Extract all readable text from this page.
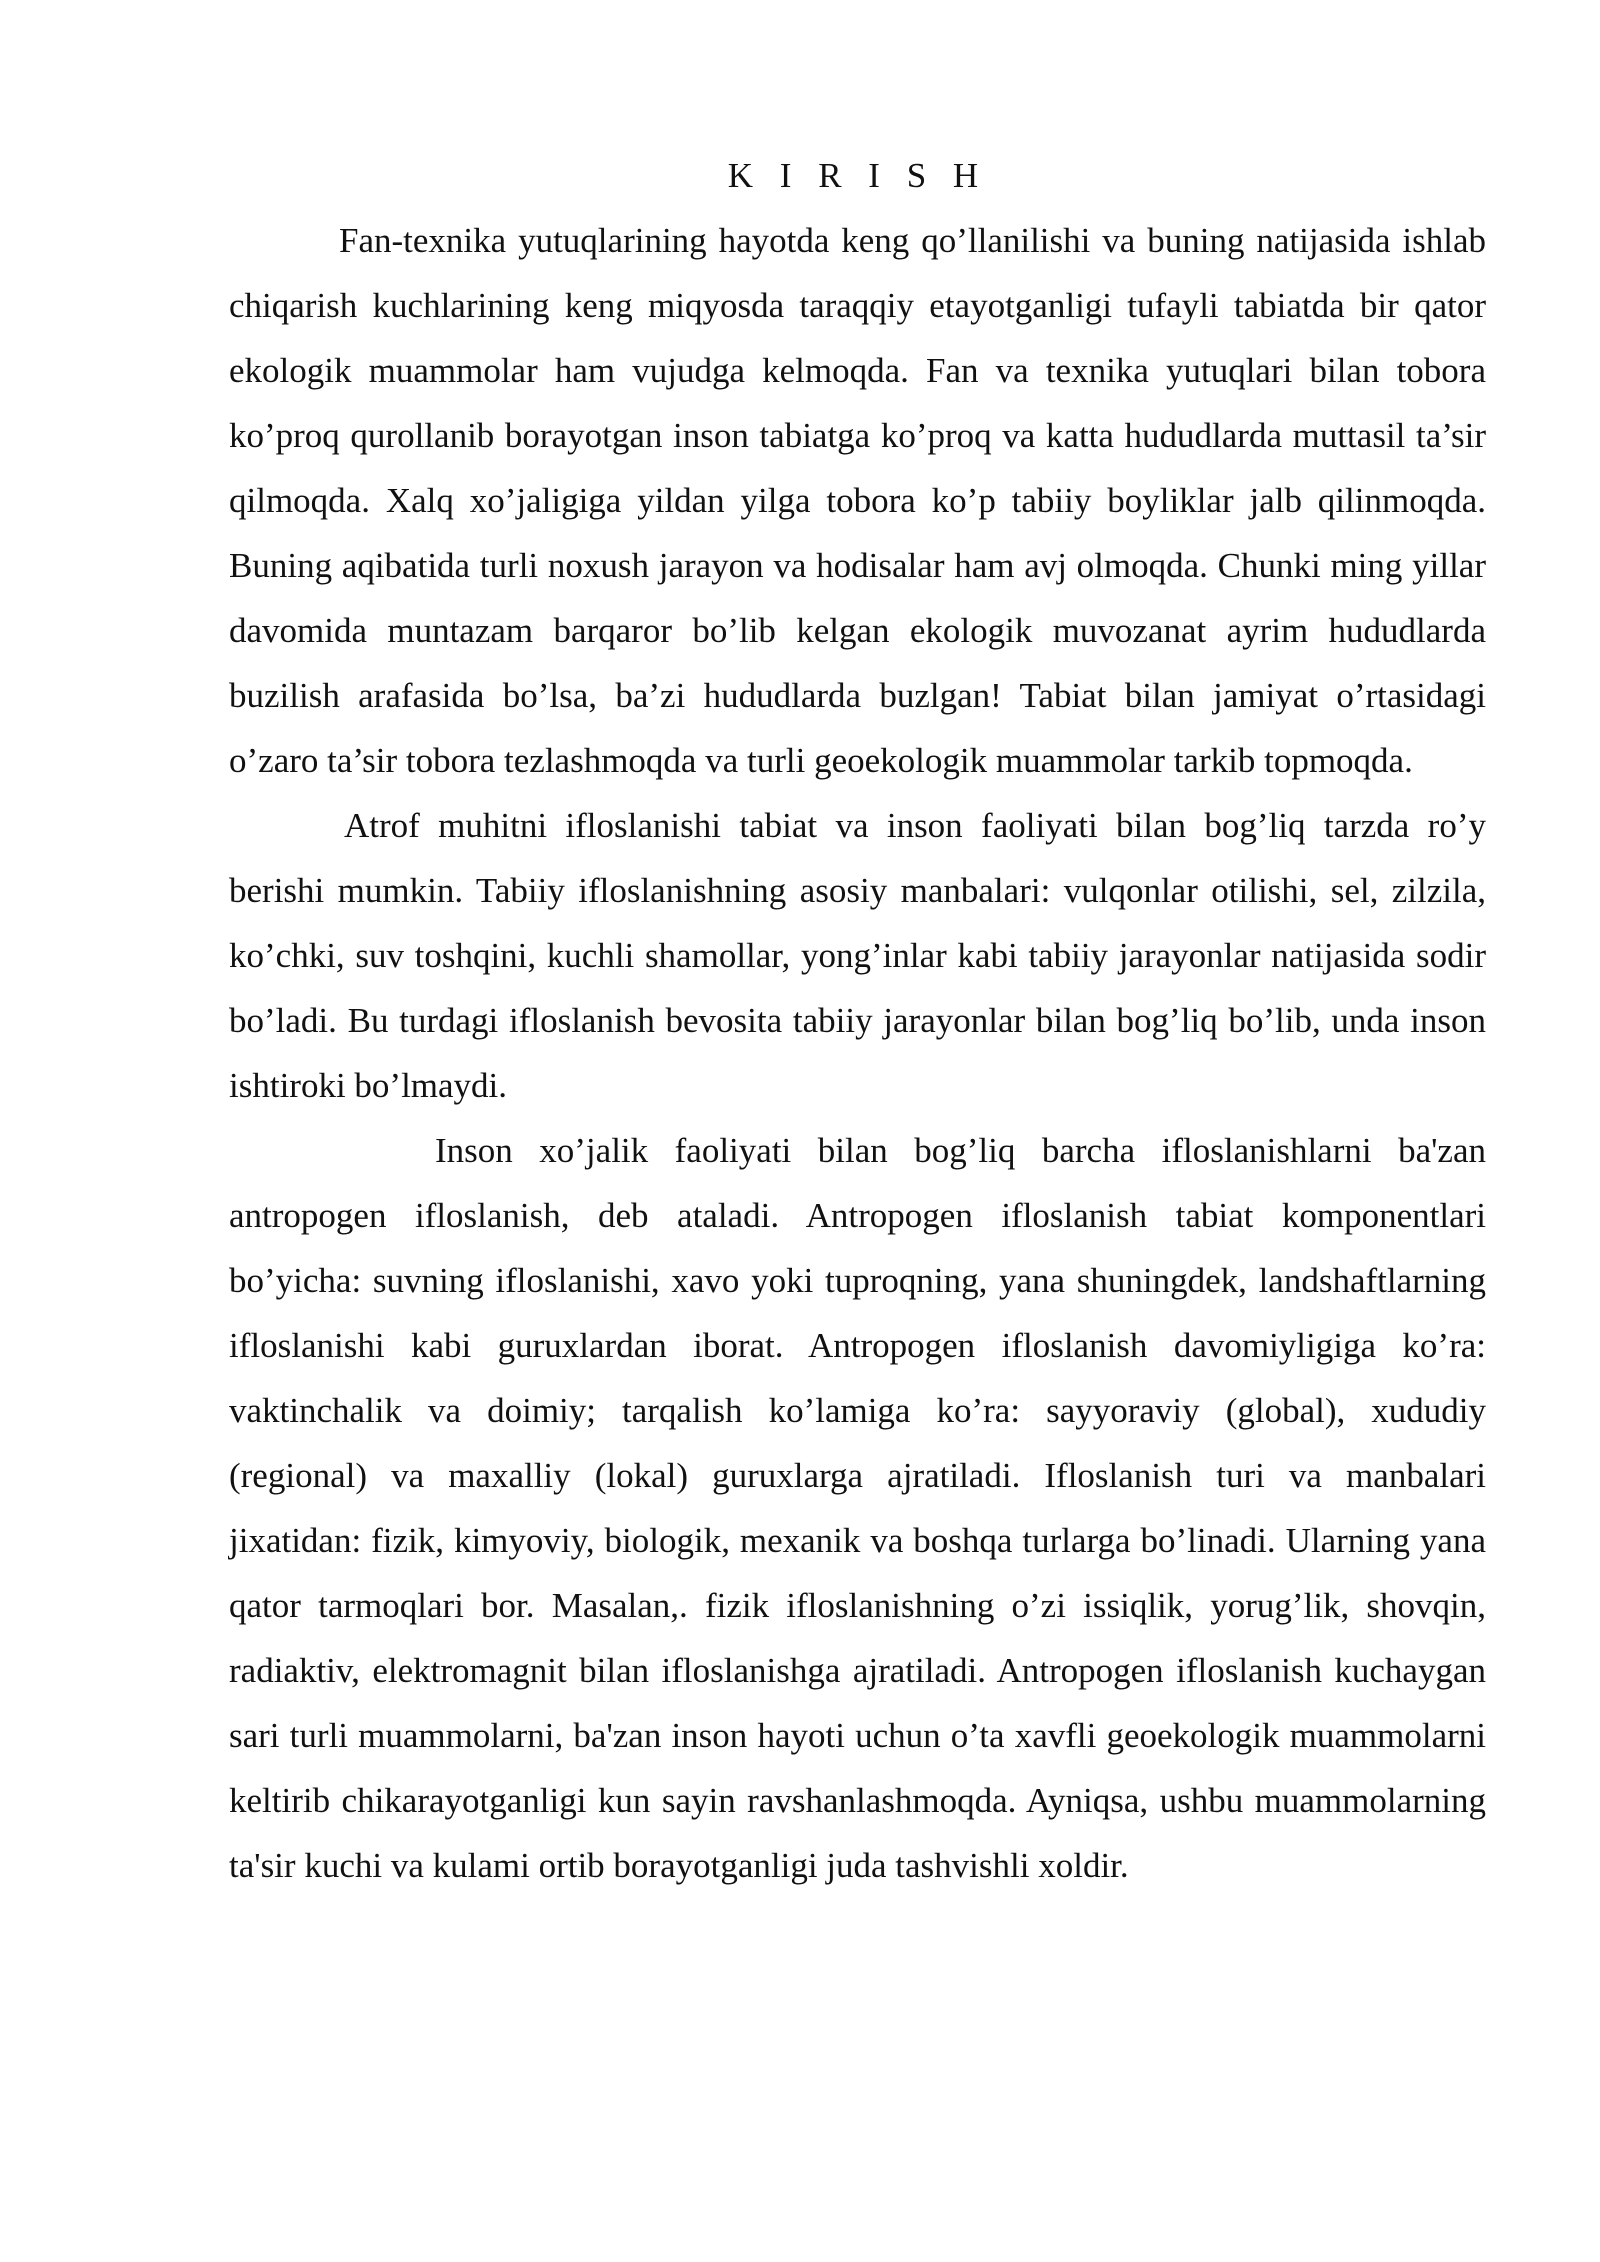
K I R I S H

Fan-texnika yutuqlarining hayotda keng qo’llanilishi va buning natijasida ishlab chiqarish kuchlarining keng miqyosda taraqqiy etayotganligi tufayli tabiatda bir qator ekologik muammolar ham vujudga kelmoqda. Fan va texnika yutuqlari bilan tobora ko’proq qurollanib borayotgan inson tabiatga ko’proq va katta hududlarda muttasil ta’sir qilmoqda. Xalq xo’jaligiga yildan yilga tobora ko’p tabiiy boyliklar jalb qilinmoqda. Buning aqibatida turli noxush jarayon va hodisalar ham avj olmoqda. Chunki ming yillar davomida muntazam barqaror bo’lib kelgan ekologik muvozanat ayrim hududlarda buzilish arafasida bo’lsa, ba’zi hududlarda buzlgan! Tabiat bilan jamiyat o’rtasidagi o’zaro ta’sir tobora tezlashmoqda va turli geoekologik muammolar tarkib topmoqda.

Atrof muhitni ifloslanishi tabiat va inson faoliyati bilan bog’liq tarzda ro’y berishi mumkin. Tabiiy ifloslanishning asosiy manbalari: vulqonlar otilishi, sel, zilzila, ko’chki, suv toshqini, kuchli shamollar, yong’inlar kabi tabiiy jarayonlar natijasida sodir bo’ladi. Bu turdagi ifloslanish bevosita tabiiy jarayonlar bilan bog’liq bo’lib, unda inson ishtiroki bo’lmaydi.

Inson xo’jalik faoliyati bilan bog’liq barcha ifloslanishlarni ba'zan antropogen ifloslanish, deb ataladi. Antropogen ifloslanish tabiat komponentlari bo’yicha: suvning ifloslanishi, xavo yoki tuproqning, yana shuningdek, landshaftlarning ifloslanishi kabi guruxlardan iborat. Antropogen ifloslanish davomiyligiga ko’ra: vaktinchalik va doimiy; tarqalish ko’lamiga ko’ra: sayyoraviy (global), xududiy (regional) va maxalliy (lokal) guruxlarga ajratiladi. Ifloslanish turi va manbalari jixatidan: fizik, kimyoviy, biologik, mexanik va boshqa turlarga bo’linadi. Ularning yana qator tarmoqlari bor. Masalan,. fizik ifloslanishning o’zi issiqlik, yorug’lik, shovqin, radiaktiv, elektromagnit bilan ifloslanishga ajratiladi. Antropogen ifloslanish kuchaygan sari turli muammolarni, ba'zan inson hayoti uchun o’ta xavfli geoekologik muammolarni keltirib chikarayotganligi kun sayin ravshanlashmoqda. Ayniqsa, ushbu muammolarning ta'sir kuchi va kulami ortib borayotganligi juda tashvishli xoldir.
